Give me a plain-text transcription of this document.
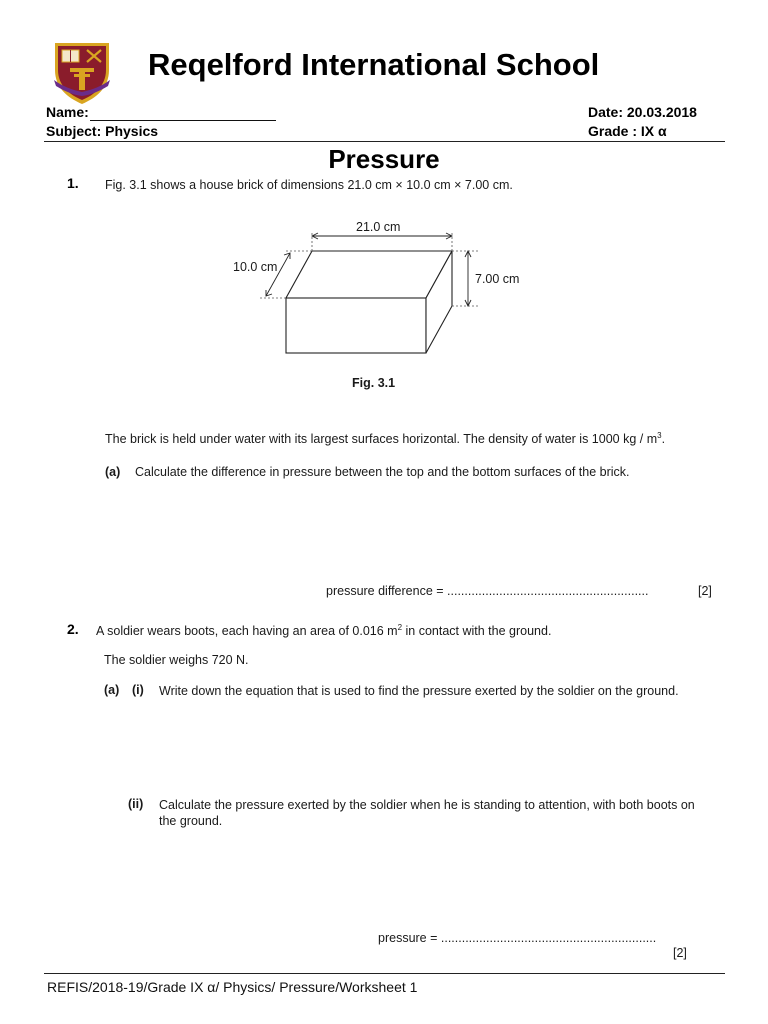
Reqelford International School
Name:	Date: 20.03.2018
Subject: Physics	Grade : IX α
Pressure
1. Fig. 3.1 shows a house brick of dimensions 21.0 cm × 10.0 cm × 7.00 cm.
21.0 cm
10.0 cm
7.00 cm
Fig. 3.1
The brick is held under water with its largest surfaces horizontal. The density of water is 1000 kg / $m^3$.
(a) Calculate the difference in pressure between the top and the bottom surfaces of the brick.
pressure difference = ..........................................................	[2]
2. A soldier wears boots, each having an area of 0.016 $m^2$ in contact with the ground.
The soldier weighs 720 N.
(a) (i) Write down the equation that is used to find the pressure exerted by the soldier on the ground.
(ii) Calculate the pressure exerted by the soldier when he is standing to attention, with both boots on the ground.
pressure = ..............................................................
[2]
REFIS/2018-19/Grade IX α/ Physics/ Pressure/Worksheet 1
